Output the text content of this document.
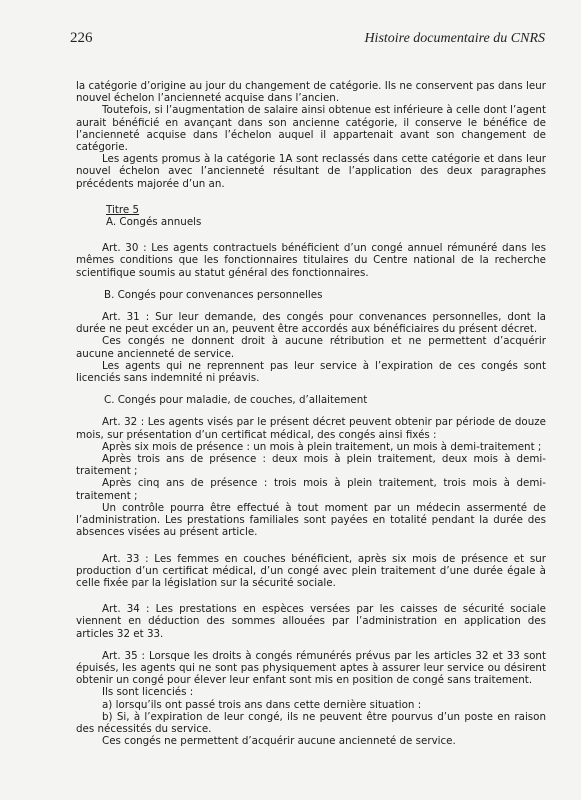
226	Histoire documentaire du CNRS

la catégorie d’origine au jour du changement de catégorie. Ils ne conservent pas dans leur nouvel échelon l’ancienneté acquise dans l’ancien.

Toutefois, si l’augmentation de salaire ainsi obtenue est inférieure à celle dont l’agent aurait bénéficié en avançant dans son ancienne catégorie, il conserve le bénéfice de l’ancienneté acquise dans l’échelon auquel il appartenait avant son changement de catégorie.

Les agents promus à la catégorie 1A sont reclassés dans cette catégorie et dans leur nouvel échelon avec l’ancienneté résultant de l’application des deux paragraphes précédents majorée d’un an.

Titre 5

A. Congés annuels

Art. 30 : Les agents contractuels bénéficient d’un congé annuel rémunéré dans les mêmes conditions que les fonctionnaires titulaires du Centre national de la recherche scientifique soumis au statut général des fonctionnaires.

B. Congés pour convenances personnelles

Art. 31 : Sur leur demande, des congés pour convenances personnelles, dont la durée ne peut excéder un an, peuvent être accordés aux bénéficiaires du présent décret.

Ces congés ne donnent droit à aucune rétribution et ne permettent d’acquérir aucune ancienneté de service.

Les agents qui ne reprennent pas leur service à l’expiration de ces congés sont licenciés sans indemnité ni préavis.

C. Congés pour maladie, de couches, d’allaitement

Art. 32 : Les agents visés par le présent décret peuvent obtenir par période de douze mois, sur présentation d’un certificat médical, des congés ainsi fixés :

Après six mois de présence : un mois à plein traitement, un mois à demi-traitement ;

Après trois ans de présence : deux mois à plein traitement, deux mois à demi-traitement ;

Après cinq ans de présence : trois mois à plein traitement, trois mois à demi-traitement ;

Un contrôle pourra être effectué à tout moment par un médecin assermenté de l’administration. Les prestations familiales sont payées en totalité pendant la durée des absences visées au présent article.

Art. 33 : Les femmes en couches bénéficient, après six mois de présence et sur production d’un certificat médical, d’un congé avec plein traitement d’une durée égale à celle fixée par la législation sur la sécurité sociale.

Art. 34 : Les prestations en espèces versées par les caisses de sécurité sociale viennent en déduction des sommes allouées par l’administration en application des articles 32 et 33.

Art. 35 : Lorsque les droits à congés rémunérés prévus par les articles 32 et 33 sont épuisés, les agents qui ne sont pas physiquement aptes à assurer leur service ou désirent obtenir un congé pour élever leur enfant sont mis en position de congé sans traitement.

Ils sont licenciés :

a) lorsqu’ils ont passé trois ans dans cette dernière situation :

b) Si, à l’expiration de leur congé, ils ne peuvent être pourvus d’un poste en raison des nécessités du service.

Ces congés ne permettent d’acquérir aucune ancienneté de service.
